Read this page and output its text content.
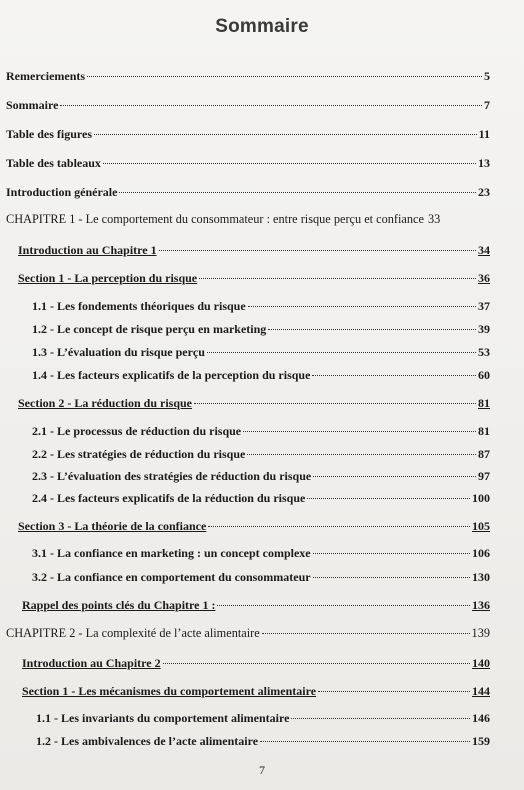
Sommaire
Remerciements	5
Sommaire	7
Table des figures	11
Table des tableaux	13
Introduction générale	23
CHAPITRE 1 - Le comportement du consommateur : entre risque perçu et confiance 33
Introduction au Chapitre 1	34
Section 1 - La perception du risque	36
1.1 - Les fondements théoriques du risque	37
1.2 - Le concept de risque perçu en marketing	39
1.3 - L’évaluation du risque perçu	53
1.4 - Les facteurs explicatifs de la perception du risque	60
Section 2 - La réduction du risque	81
2.1 - Le processus de réduction du risque	81
2.2 - Les stratégies de réduction du risque	87
2.3 - L’évaluation des stratégies de réduction du risque	97
2.4 - Les facteurs explicatifs de la réduction du risque	100
Section 3 - La théorie de la confiance	105
3.1 - La confiance en marketing : un concept complexe	106
3.2 - La confiance en comportement du consommateur	130
Rappel des points clés du Chapitre 1 :	136
CHAPITRE 2 - La complexité de l’acte alimentaire	139
Introduction au Chapitre 2	140
Section 1 - Les mécanismes du comportement alimentaire	144
1.1 - Les invariants du comportement alimentaire	146
1.2 - Les ambivalences de l’acte alimentaire	159
7
